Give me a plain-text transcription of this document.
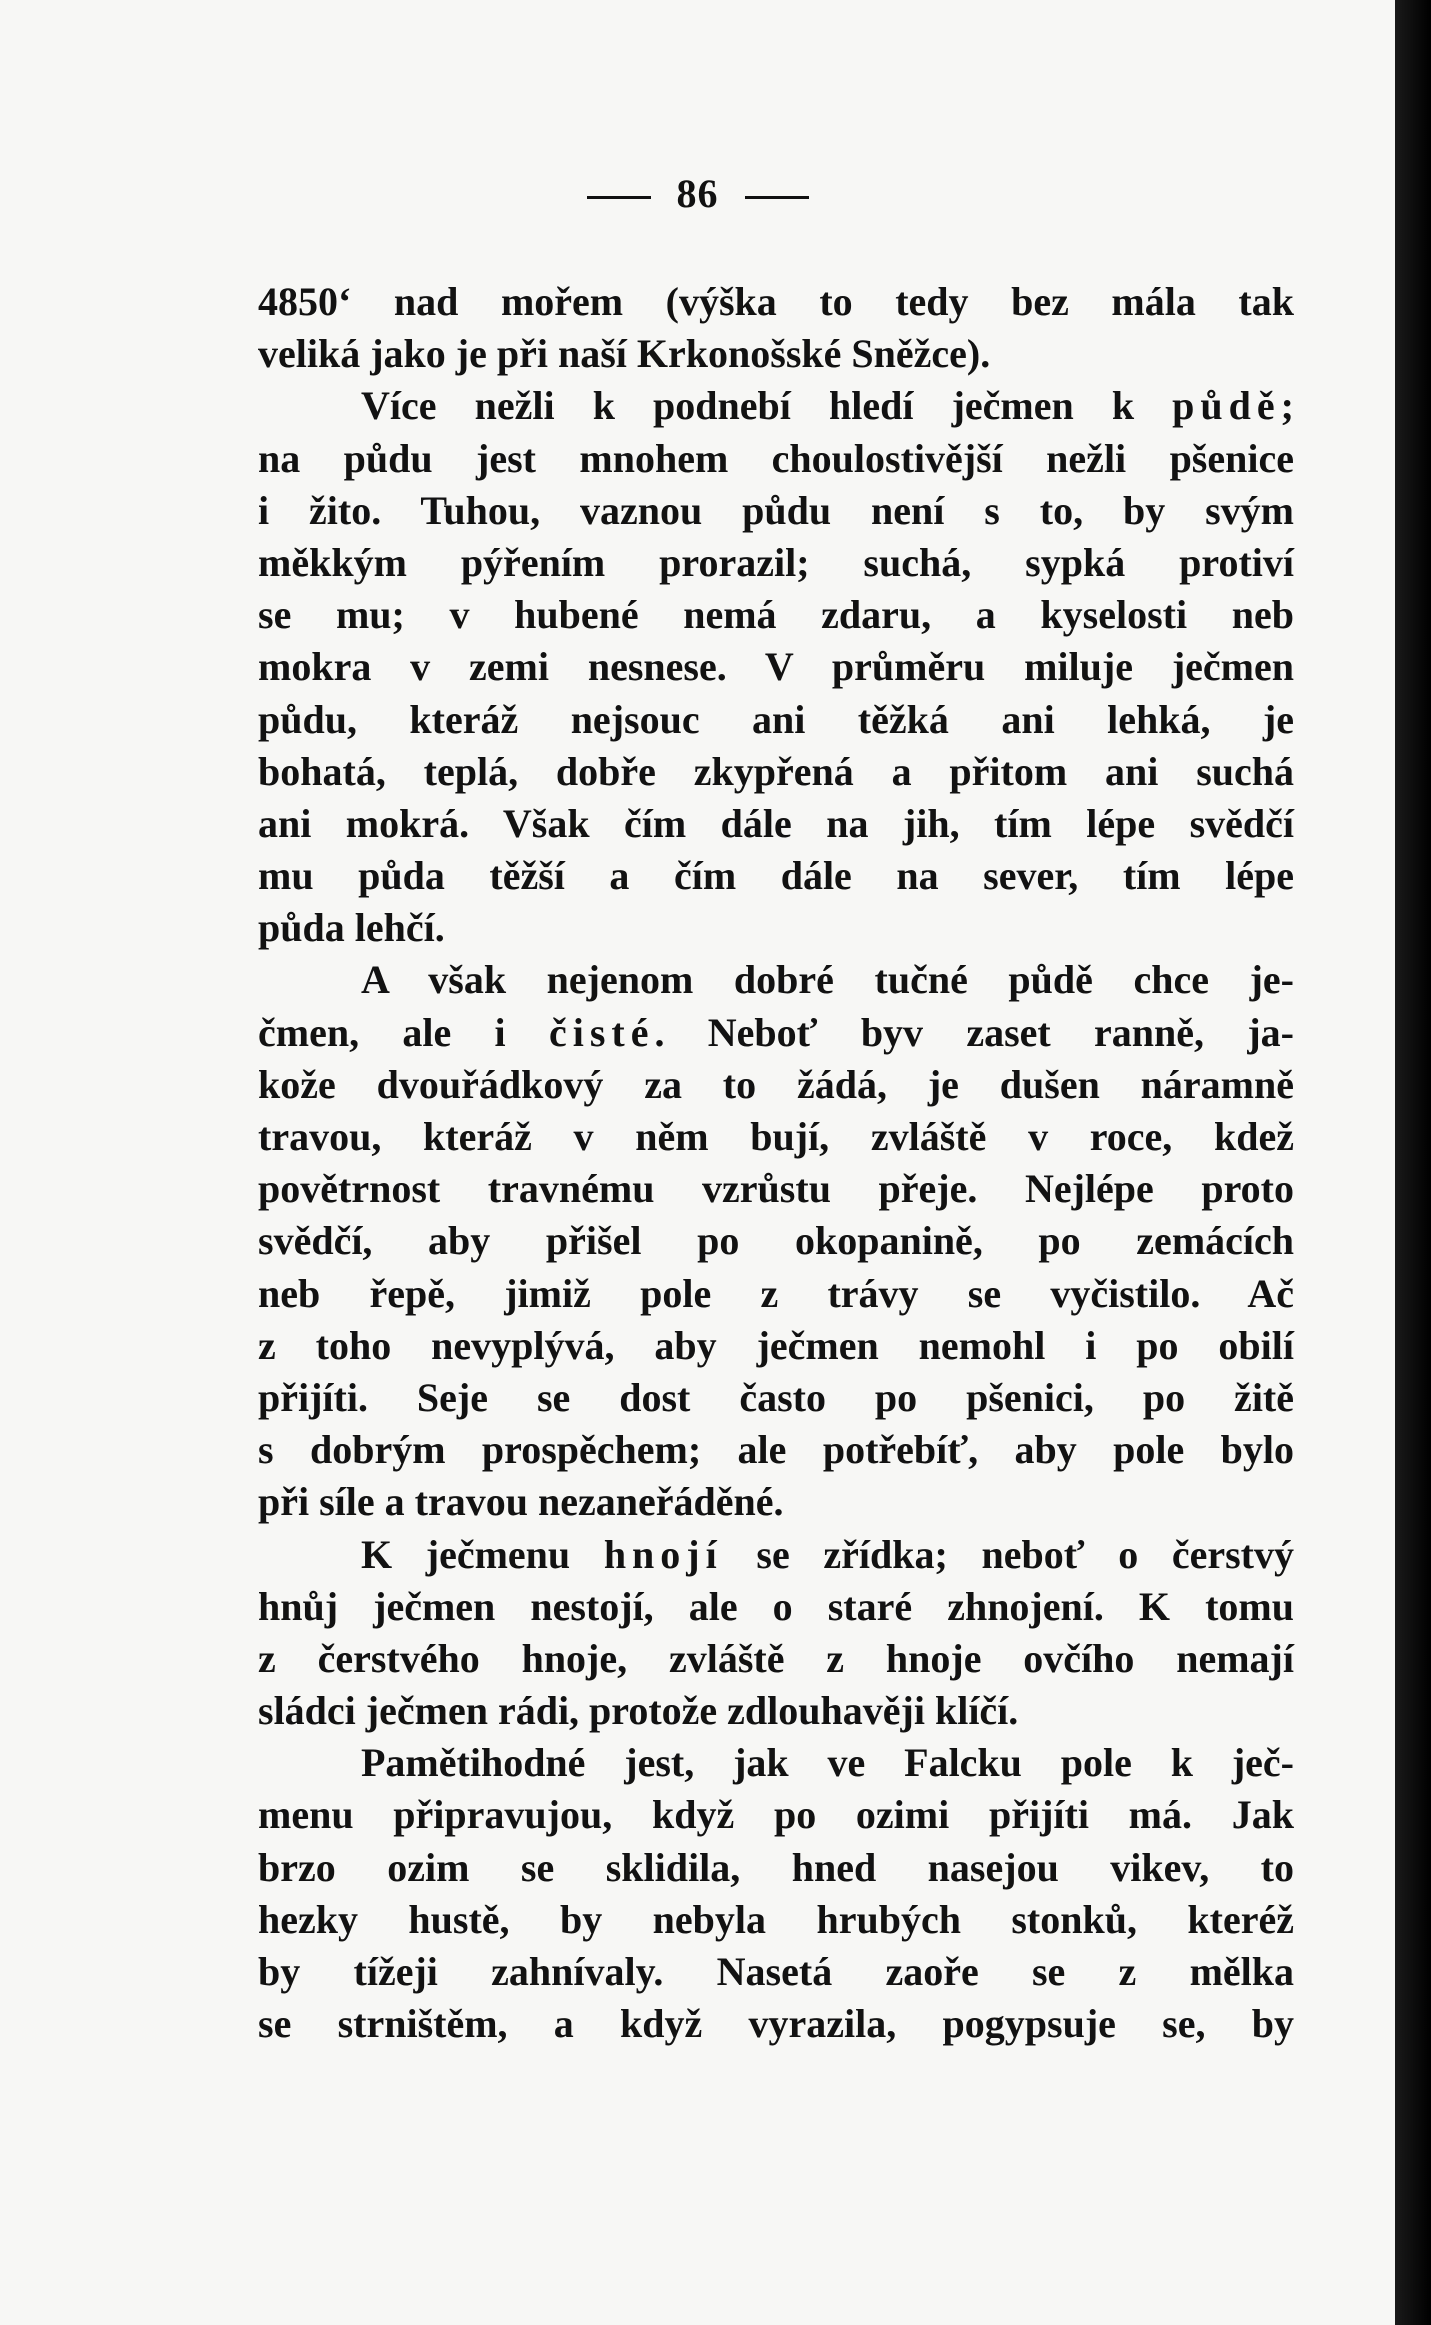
86
4850‘ nad mořem (výška to tedy bez mála tak
veliká jako je při naší Krkonošské Sněžce).
Více nežli k podnebí hledí ječmen k půdě;
na půdu jest mnohem choulostivější nežli pšenice
i žito. Tuhou, vaznou půdu není s to, by svým
měkkým pýřením prorazil; suchá, sypká protiví
se mu; v hubené nemá zdaru, a kyselosti neb
mokra v zemi nesnese. V průměru miluje ječmen
půdu, kteráž nejsouc ani těžká ani lehká, je
bohatá, teplá, dobře zkypřená a přitom ani suchá
ani mokrá. Však čím dále na jih, tím lépe svědčí
mu půda těžší a čím dále na sever, tím lépe
půda lehčí.
A však nejenom dobré tučné půdě chce je-
čmen, ale i čisté. Neboť byv zaset ranně, ja-
kože dvouřádkový za to žádá, je dušen náramně
travou, kteráž v něm bují, zvláště v roce, kdež
povětrnost travnému vzrůstu přeje. Nejlépe proto
svědčí, aby přišel po okopanině, po zemácích
neb řepě, jimiž pole z trávy se vyčistilo. Ač
z toho nevyplývá, aby ječmen nemohl i po obilí
přijíti. Seje se dost často po pšenici, po žitě
s dobrým prospěchem; ale potřebíť, aby pole bylo
při síle a travou nezaneřáděné.
K ječmenu hnojí se zřídka; neboť o čerstvý
hnůj ječmen nestojí, ale o staré zhnojení. K tomu
z čerstvého hnoje, zvláště z hnoje ovčího nemají
sládci ječmen rádi, protože zdlouhavěji klíčí.
Pamětihodné jest, jak ve Falcku pole k ječ-
menu připravujou, když po ozimi přijíti má. Jak
brzo ozim se sklidila, hned nasejou vikev, to
hezky hustě, by nebyla hrubých stonků, kteréž
by tížeji zahnívaly. Nasetá zaoře se z mělka
se strništěm, a když vyrazila, pogypsuje se, by
